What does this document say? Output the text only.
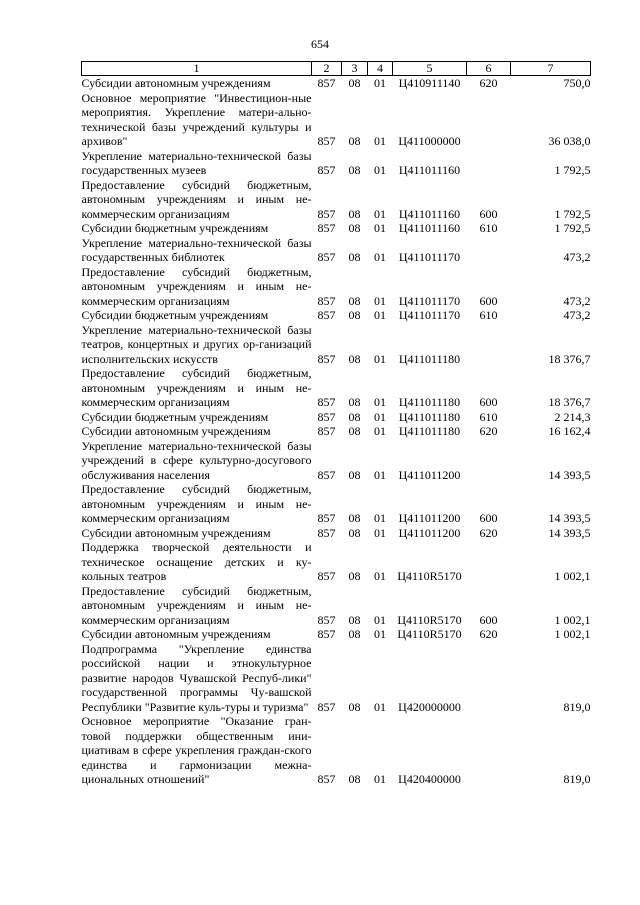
654
1	2	3	4	5	6	7
Субсидии автономным учреждениям	857	08	01	Ц410911140	620	750,0
Основное мероприятие "Инвестицион-ные мероприятия. Укрепление матери-ально-технической базы учреждений культуры и архивов"	857	08	01	Ц411000000		36 038,0
Укрепление материально-технической базы государственных музеев	857	08	01	Ц411011160		1 792,5
Предоставление субсидий бюджетным, автономным учреждениям и иным не-коммерческим организациям	857	08	01	Ц411011160	600	1 792,5
Субсидии бюджетным учреждениям	857	08	01	Ц411011160	610	1 792,5
Укрепление материально-технической базы государственных библиотек	857	08	01	Ц411011170		473,2
Предоставление субсидий бюджетным, автономным учреждениям и иным не-коммерческим организациям	857	08	01	Ц411011170	600	473,2
Субсидии бюджетным учреждениям	857	08	01	Ц411011170	610	473,2
Укрепление материально-технической базы театров, концертных и других ор-ганизаций исполнительских искусств	857	08	01	Ц411011180		18 376,7
Предоставление субсидий бюджетным, автономным учреждениям и иным не-коммерческим организациям	857	08	01	Ц411011180	600	18 376,7
Субсидии бюджетным учреждениям	857	08	01	Ц411011180	610	2 214,3
Субсидии автономным учреждениям	857	08	01	Ц411011180	620	16 162,4
Укрепление материально-технической базы учреждений в сфере культурно-досугового обслуживания населения	857	08	01	Ц411011200		14 393,5
Предоставление субсидий бюджетным, автономным учреждениям и иным не-коммерческим организациям	857	08	01	Ц411011200	600	14 393,5
Субсидии автономным учреждениям	857	08	01	Ц411011200	620	14 393,5
Поддержка творческой деятельности и техническое оснащение детских и ку-кольных театров	857	08	01	Ц4110R5170		1 002,1
Предоставление субсидий бюджетным, автономным учреждениям и иным не-коммерческим организациям	857	08	01	Ц4110R5170	600	1 002,1
Субсидии автономным учреждениям	857	08	01	Ц4110R5170	620	1 002,1
Подпрограмма "Укрепление единства российской нации и этнокультурное развитие народов Чувашской Респуб-лики" государственной программы Чу-вашской Республики "Развитие куль-туры и туризма"	857	08	01	Ц420000000		819,0
Основное мероприятие "Оказание гран-товой поддержки общественным ини-циативам в сфере укрепления граждан-ского единства и гармонизации межна-циональных отношений"	857	08	01	Ц420400000		819,0
